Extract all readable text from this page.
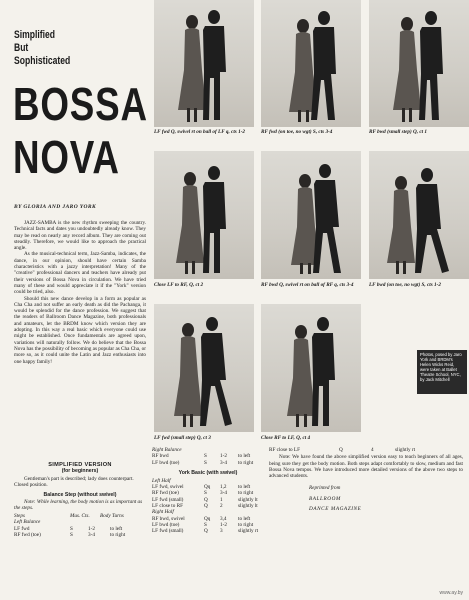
Simplified
But
Sophisticated
BOSSA
NOVA
BY GLORIA AND JARO YORK

JAZZ-SAMBA is the new rhythm sweeping the country. Technical facts and dates you undoubtedly already know. They may be read on nearly any record album. They are coming out steadily. Therefore, we would like to approach the practical angle.

As the musical-technical term, Jazz-Samba, indicates, the dance, in our opinion, should have certain Samba characteristics with a jazzy interpretation! Many of the "creative" professional dancers and teachers have already put their versions of Bossa Nova in circulation. We have tried many of these and would appreciate it if the "York" version could be tried, also.

Should this new dance develop in a form as popular as Cha Cha and not suffer an early death as did the Pachanga, it would be splendid for the dance profession. We suggest that the readers of Ballroom Dance Magazine, both professionals and amateurs, let the BRDM know which version they are adopting. In this way a real basic which everyone could use might be established. Once fundamentals are agreed upon, variations will naturally follow. We do believe that the Bossa Nova has the possibility of becoming as popular as Cha Cha, or more so, as it could unite the Latin and Jazz enthusiasts into one happy family!

SIMPLIFIED VERSION
(for beginners)
Gentleman's part is described; lady does counterpart. Closed position.
Balance Step (without swivel)
Note: While learning, the body motion is as important as the steps.
Steps	Mus. Cts.	Body Turns
Left Balance
LF fwd	S	1-2	to left
RF fwd (toe)	S	3-4	to right
LF fwd Q, swivel rt on ball of LF q, cts 1-2	RF fwd (on toe, no wgt) S, cts 3-4	RF bwd (small step) Q, ct 1
Close LF to RF, Q, ct 2	RF bwd Q, swivel rt on ball of RF q, cts 3-4	LF bwd (on toe, no wgt) S, cts 1-2
Photos, posed by Jaro York and BRDM's Helen Wicks Reid, were taken at Ballet Theatre School, NYC, by Jack Mitchell
LF fwd (small step) Q, ct 3	Close RF to LF, Q, ct 4
Right Balance
RF bwd	S	1-2	to left
LF bwd (toe)	S	3-4	to right
York Basic (with swivel)
Left Half
LF fwd, swivel	Qq	1,2	to left
RF fwd (toe)	S	3-4	to right
LF fwd (small)	Q	1	slightly lt
LF close to RF	Q	2	slightly lt
Right Half
RF bwd, swivel	Qq	3,4	to left
LF bwd (toe)	S	1-2	to right
LF fwd (small)	Q	3	slightly rt
RF close to LF	Q	4	slightly rt
Note: We have found the above simplified version easy to teach beginners of all ages, being sure they get the body motion. Both steps adapt comfortably to slow, medium and fast Bossa Nova tempos. We have introduced more detailed versions of the above two steps to advanced students.
Reprinted from
BALLROOM
DANCE MAGAZINE
www.ay.by
